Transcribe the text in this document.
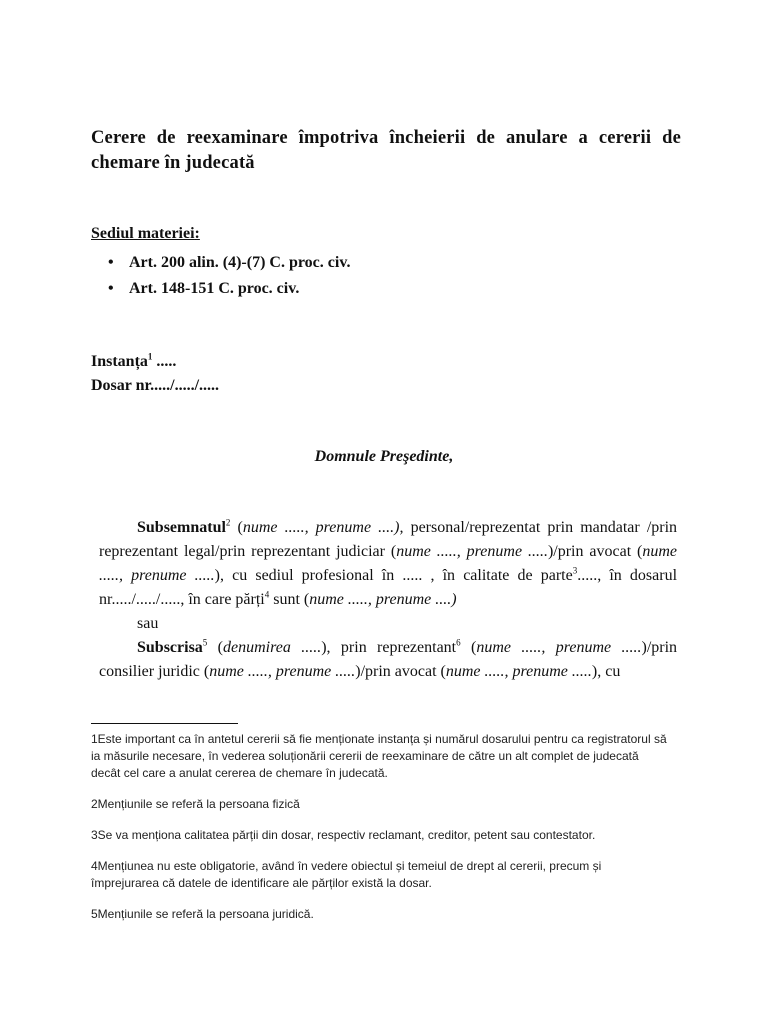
Cerere de reexaminare împotriva încheierii de anulare a cererii de chemare în judecată
Sediul materiei:
• Art. 200 alin. (4)-(7) C. proc. civ.
• Art. 148-151 C. proc. civ.
Instanța$^1$ .....
Dosar nr...../...../.....
Domnule Preşedinte,

Subsemnatul$^2$ (nume ....., prenume ....), personal/reprezentat prin mandatar /prin reprezentant legal/prin reprezentant judiciar (nume ....., prenume .....)/prin avocat (nume ....., prenume .....), cu sediul profesional în ..... , în calitate de parte$^3$....., în dosarul nr...../...../....., în care părți$^4$ sunt (nume ....., prenume ....)

sau

Subscrisa$^5$ (denumirea .....), prin reprezentant$^6$ (nume ....., prenume .....)/prin consilier juridic (nume ....., prenume .....)/prin avocat (nume ....., prenume .....), cu

1Este important ca în antetul cererii să fie menționate instanța și numărul dosarului pentru ca registratorul să ia măsurile necesare, în vederea soluționării cererii de reexaminare de către un alt complet de judecată decât cel care a anulat cererea de chemare în judecată.

2Mențiunile se referă la persoana fizică

3Se va menționa calitatea părții din dosar, respectiv reclamant, creditor, petent sau contestator.

4Mențiunea nu este obligatorie, având în vedere obiectul și temeiul de drept al cererii, precum și împrejurarea că datele de identificare ale părților există la dosar.

5Mențiunile se referă la persoana juridică.
